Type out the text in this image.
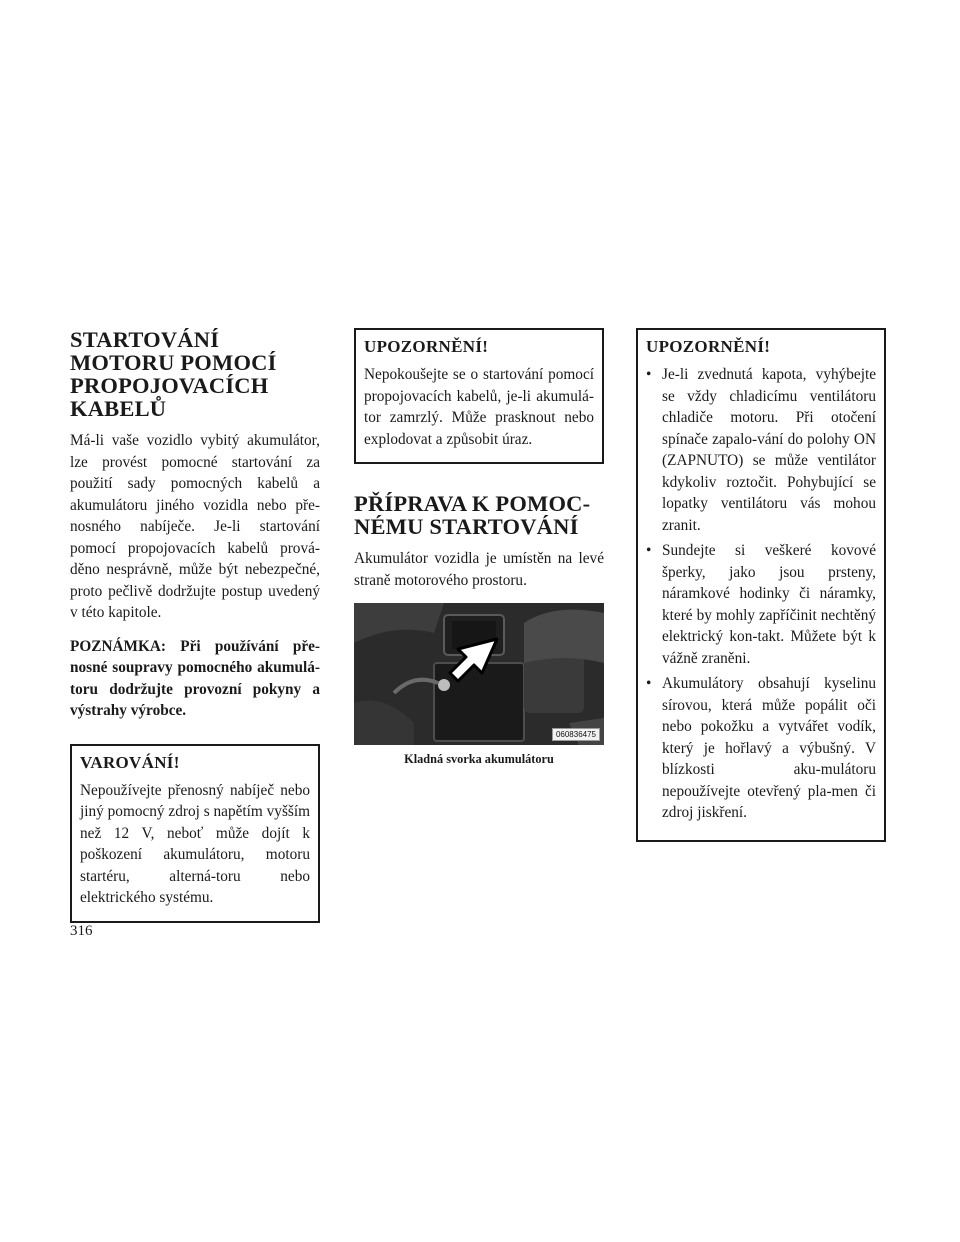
STARTOVÁNÍ MOTORU POMOCÍ PROPOJOVACÍCH KABELŮ

Má-li vaše vozidlo vybitý akumulátor, lze provést pomocné startování za použití sady pomocných kabelů a akumulátoru jiného vozidla nebo pře-nosného nabíječe. Je-li startování pomocí propojovacích kabelů prová-děno nesprávně, může být nebezpečné, proto pečlivě dodržujte postup uvedený v této kapitole.

POZNÁMKA: Při používání pře-nosné soupravy pomocného akumulá-toru dodržujte provozní pokyny a výstrahy výrobce.

VAROVÁNÍ!

Nepoužívejte přenosný nabíječ nebo jiný pomocný zdroj s napětím vyšším než 12 V, neboť může dojít k poškození akumulátoru, motoru startéru, alterná-toru nebo elektrického systému.

UPOZORNĚNÍ!

Nepokoušejte se o startování pomocí propojovacích kabelů, je-li akumulá-tor zamrzlý. Může prasknout nebo explodovat a způsobit úraz.

PŘÍPRAVA K POMOC-NÉMU STARTOVÁNÍ

Akumulátor vozidla je umístěn na levé straně motorového prostoru.

060836475
Kladná svorka akumulátoru
UPOZORNĚNÍ!
• Je-li zvednutá kapota, vyhýbejte se vždy chladicímu ventilátoru chladiče motoru. Při otočení spínače zapalo-vání do polohy ON (ZAPNUTO) se může ventilátor kdykoliv roztočit. Pohybující se lopatky ventilátoru vás mohou zranit.
• Sundejte si veškeré kovové šperky, jako jsou prsteny, náramkové hodinky či náramky, které by mohly zapříčinit nechtěný elektrický kon-takt. Můžete být k vážně zraněni.
• Akumulátory obsahují kyselinu sírovou, která může popálit oči nebo pokožku a vytvářet vodík, který je hořlavý a výbušný. V blízkosti aku-mulátoru nepoužívejte otevřený pla-men či zdroj jiskření.
316
